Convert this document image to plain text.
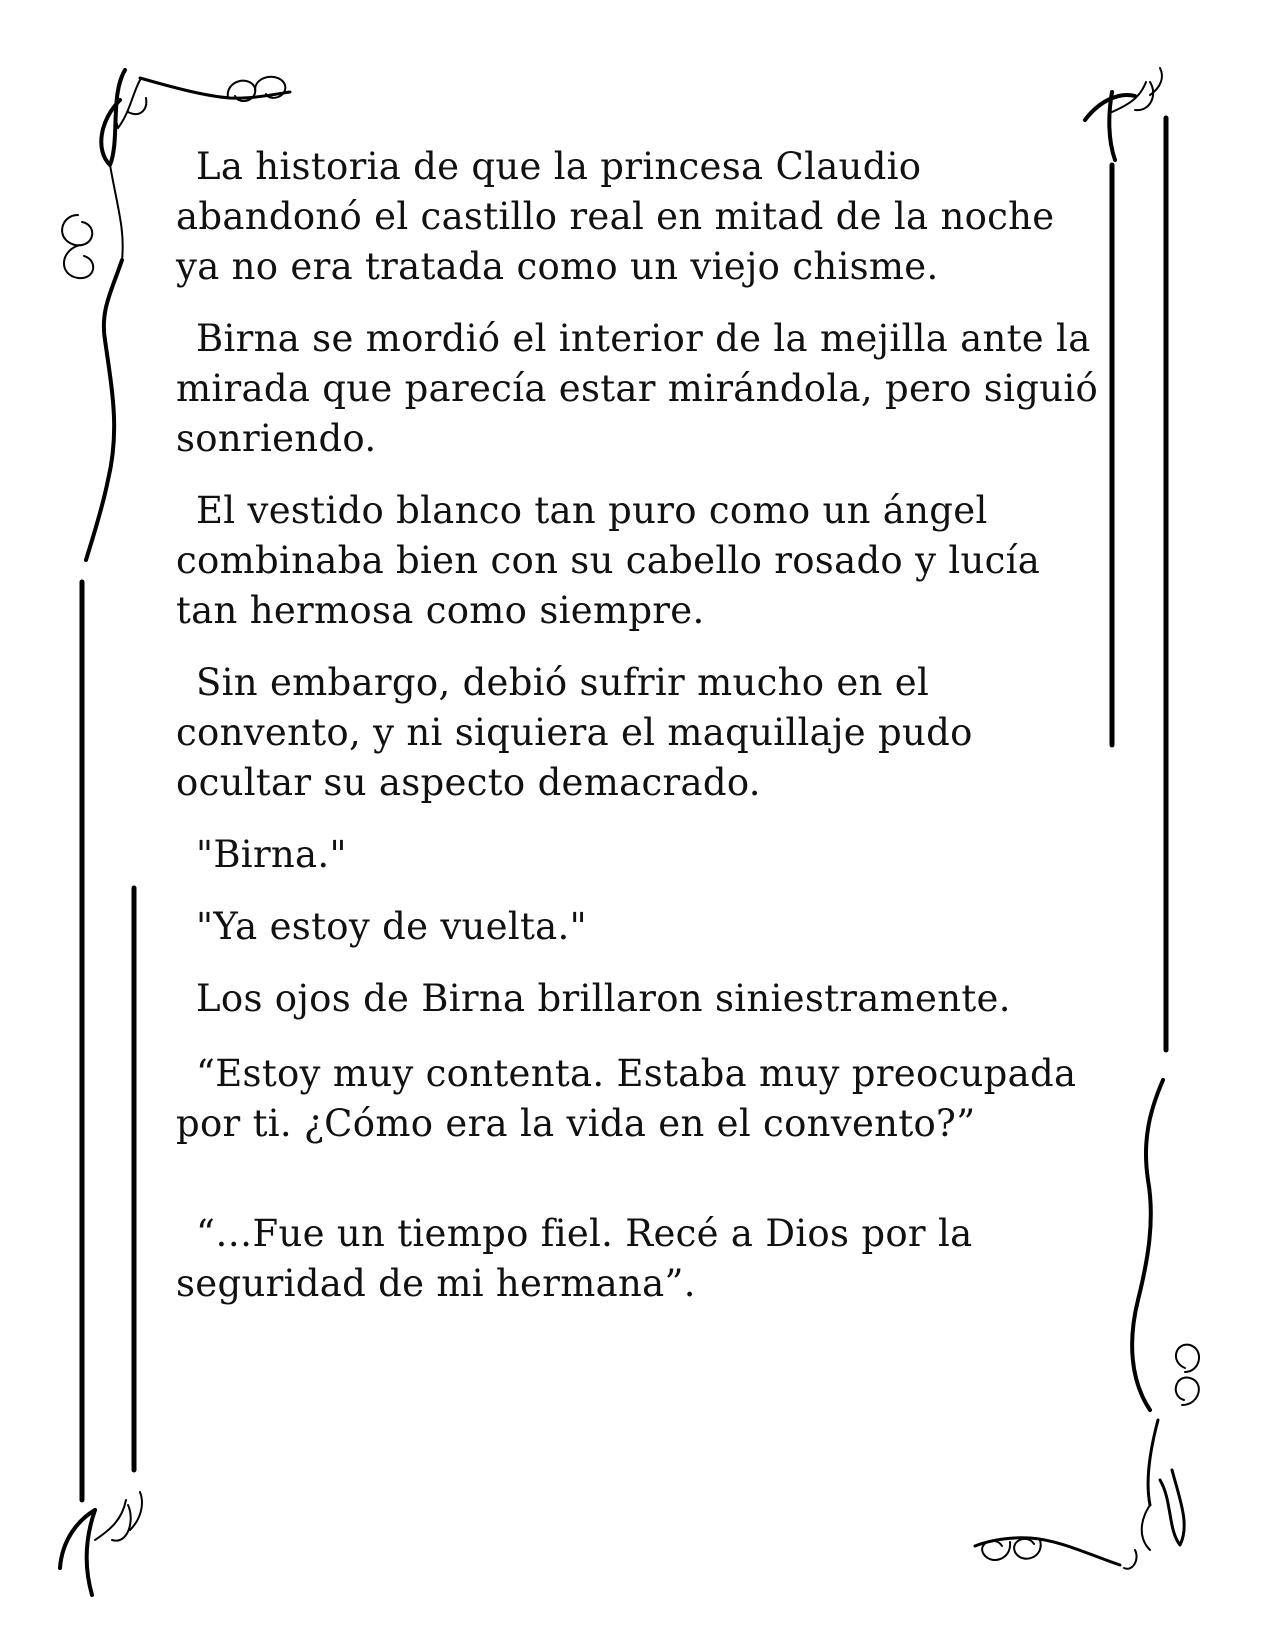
La historia de que la princesa Claudio abandonó el castillo real en mitad de la noche ya no era tratada como un viejo chisme.

Birna se mordió el interior de la mejilla ante la mirada que parecía estar mirándola, pero siguió sonriendo.

El vestido blanco tan puro como un ángel combinaba bien con su cabello rosado y lucía tan hermosa como siempre.

Sin embargo, debió sufrir mucho en el convento, y ni siquiera el maquillaje pudo ocultar su aspecto demacrado.

"Birna."

"Ya estoy de vuelta."

Los ojos de Birna brillaron siniestramente.

“Estoy muy contenta. Estaba muy preocupada por ti. ¿Cómo era la vida en el convento?”

“…Fue un tiempo fiel. Recé a Dios por la seguridad de mi hermana”.
